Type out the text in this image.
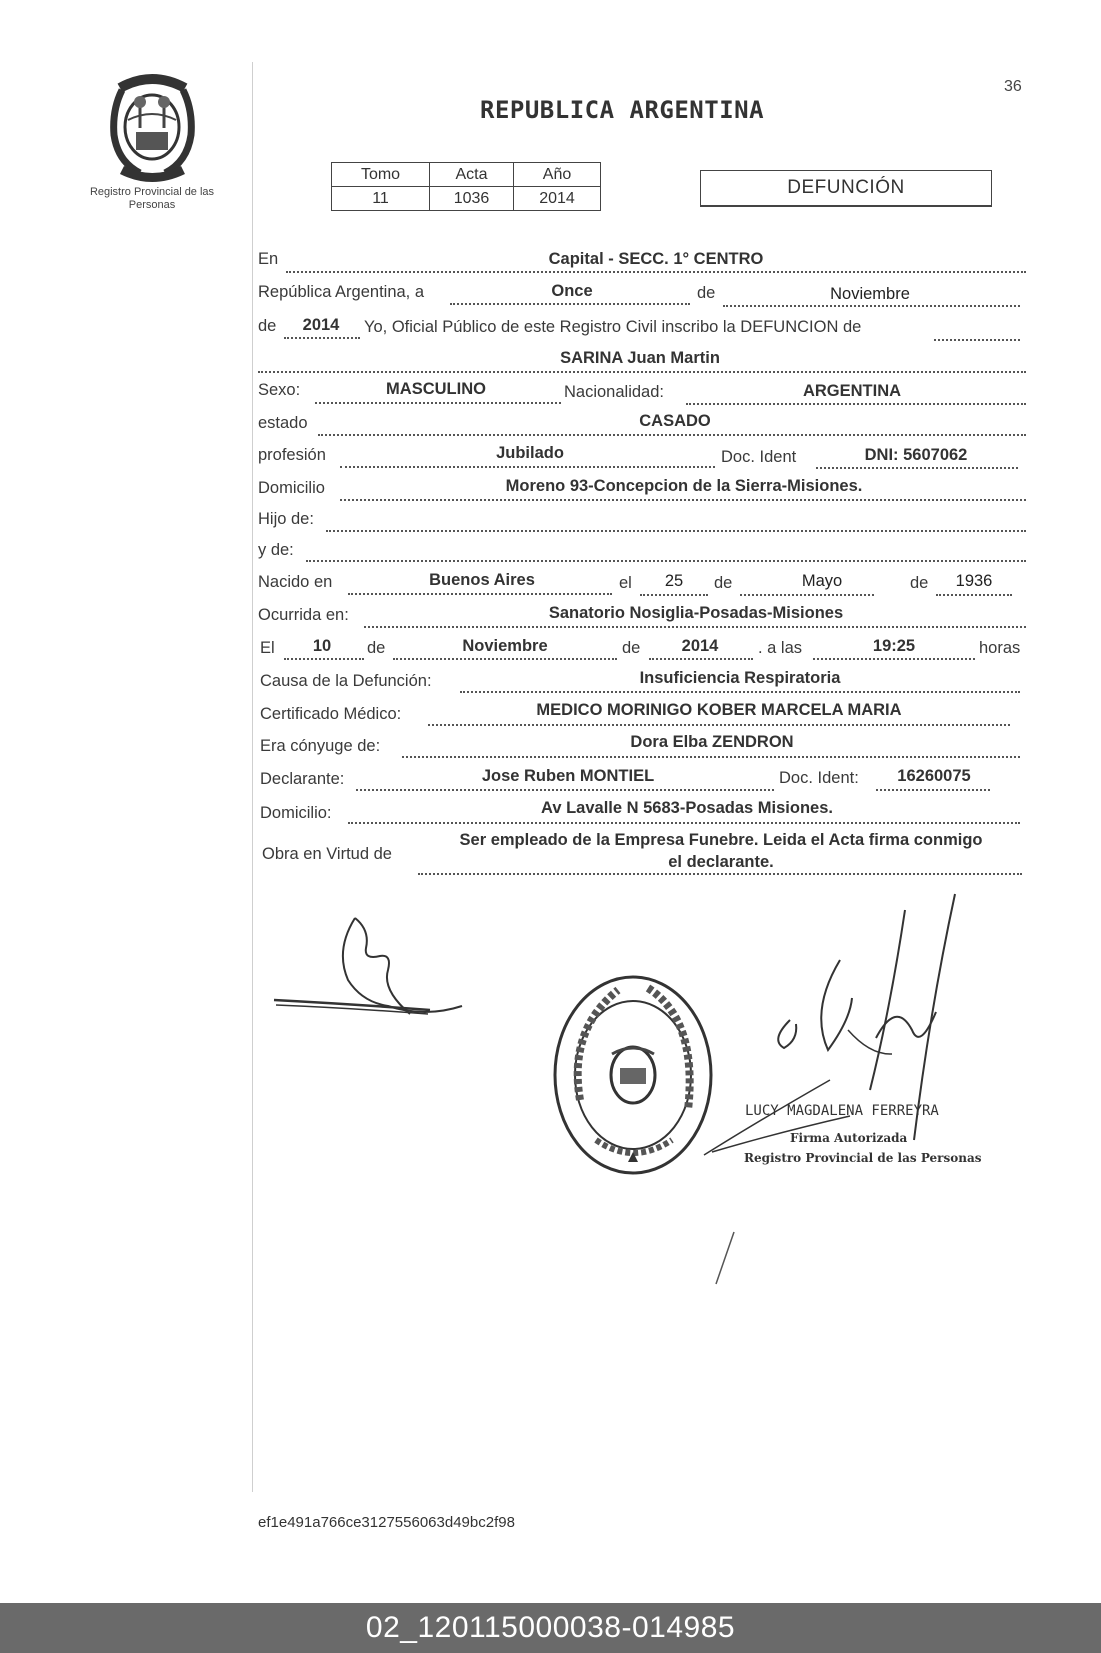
36
Registro Provincial de las Personas
REPUBLICA ARGENTINA
Tomo	Acta	Año
11	1036	2014	DEFUNCIÓN
En	Capital - SECC. 1° CENTRO
República Argentina, a	Once	de	Noviembre
de 2014 Yo, Oficial Público de este Registro Civil inscribo la DEFUNCION de
SARINA Juan Martin
Sexo:	MASCULINO	Nacionalidad:	ARGENTINA
estado	CASADO
profesión	Jubilado	Doc. Ident	DNI: 5607062
Domicilio	Moreno 93-Concepcion de la Sierra-Misiones.
Hijo de:
y de:
Nacido en	Buenos Aires	el 25 de	Mayo	de 1936
Ocurrida en:	Sanatorio Nosiglia-Posadas-Misiones
El 10 de	Noviembre	de	2014 . a las	19:25	horas
Causa de la Defunción:	Insuficiencia Respiratoria
Certificado Médico:	MEDICO MORINIGO KOBER MARCELA MARIA
Era cónyuge de:	Dora Elba ZENDRON
Declarante:	Jose Ruben MONTIEL	Doc. Ident: 16260075
Domicilio:	Av Lavalle N 5683-Posadas Misiones.
Obra en Virtud de
Ser empleado de la Empresa Funebre. Leida el Acta firma conmigo
el declarante.
LUCY MAGDALENA FERREYRA
Firma Autorizada
Registro Provincial de las Personas
ef1e491a766ce3127556063d49bc2f98
02_120115000038-014985
